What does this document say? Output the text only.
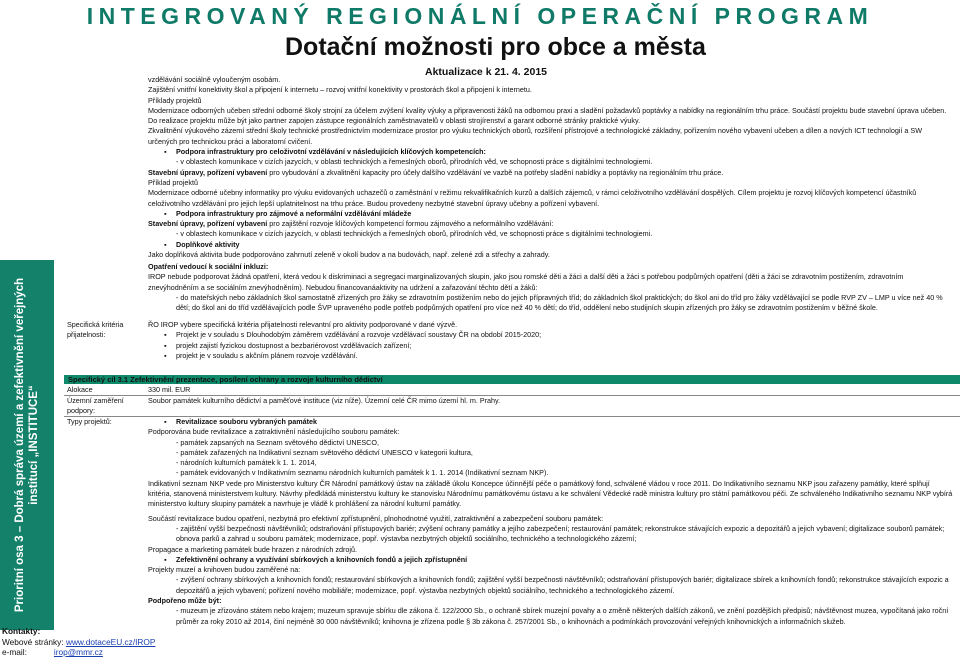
INTEGROVANÝ REGIONÁLNÍ OPERAČNÍ PROGRAM
Dotační možnosti pro obce a města
Aktualizace k 21. 4. 2015

vzdělávání sociálně vyloučeným osobám.

Zajištění vnitřní konektivity škol a připojení k internetu – rozvoj vnitřní konektivity v prostorách škol a připojení k internetu.

Příklady projektů

Modernizace odborných učeben střední odborné školy strojní za účelem zvýšení kvality výuky a připravenosti žáků na odbornou praxi a sladění požadavků poptávky a nabídky na regionálním trhu práce. Součástí projektu bude stavební úprava učeben. Do realizace projektu může být jako partner zapojen zástupce regionálních zaměstnavatelů v oblasti strojírenství a garant odborné stránky praktické výuky.

Zkvalitnění výukového zázemí střední školy technické prostřednictvím modernizace prostor pro výuku technických oborů, rozšíření přístrojové a technologické základny, pořízením nového vybavení učeben a dílen a nových ICT technologií a SW určených pro technickou práci a laboratorní cvičení.

▪ Podpora infrastruktury pro celoživotní vzdělávání v následujících klíčových kompetencích:

- v oblastech komunikace v cizích jazycích, v oblasti technických a řemeslných oborů, přírodních věd, ve schopnosti práce s digitálními technologiemi.

Stavební úpravy, pořízení vybavení pro vybudování a zkvalitnění kapacity pro účely dalšího vzdělávání ve vazbě na potřeby sladění nabídky a poptávky na regionálním trhu práce.

Příklad projektů

Modernizace odborné učebny informatiky pro výuku evidovaných uchazečů o zaměstnání v režimu rekvalifikačních kurzů a dalších zájemců, v rámci celoživotního vzdělávání dospělých. Cílem projektu je rozvoj klíčových kompetencí účastníků celoživotního vzdělávání pro jejich lepší uplatnitelnost na trhu práce. Budou provedeny nezbytné stavební úpravy učebny a pořízení vybavení.

▪ Podpora infrastruktury pro zájmové a neformální vzdělávání mládeže

Stavební úpravy, pořízení vybavení pro zajištění rozvoje klíčových kompetencí formou zájmového a neformálního vzdělávání:

- v oblastech komunikace v cizích jazycích, v oblasti technických a řemeslných oborů, přírodních věd, ve schopnosti práce s digitálními technologiemi.

▪ Doplňkové aktivity

Jako doplňková aktivita bude podporováno zahrnutí zeleně v okolí budov a na budovách, např. zelené zdi a střechy a zahrady.

Opatření vedoucí k sociální inkluzi:

IROP nebude podporovat žádná opatření, která vedou k diskriminaci a segregaci marginalizovaných skupin, jako jsou romské děti a žáci a další děti a žáci s potřebou podpůrných opatření (děti a žáci se zdravotním postižením, zdravotním znevýhodněním a se sociálním znevýhodněním). Nebudou financovanáaktivity na udržení a zařazování těchto dětí a žáků:

- do mateřských nebo základních škol samostatně zřízených pro žáky se zdravotním postižením nebo do jejich přípravných tříd; do základních škol praktických; do škol ani do tříd pro žáky vzdělávající se podle RVP ZV – LMP u více než 40 % dětí; do škol ani do tříd vzdělávajících podle ŠVP upraveného podle potřeb podpůrných opatření pro více než 40 % dětí; do tříd, oddělení nebo studijních skupin zřízených pro žáky se zdravotním postižením v běžné škole.

Prioritní osa 3 – Dobrá správa území a zefektivnění veřejných institucí „INSTITUCE“
Specifická kritéria přijatelnosti:

ŘO IROP vybere specifická kritéria přijatelnosti relevantní pro aktivity podporované v dané výzvě.

▪ Projekt je v souladu s Dlouhodobým záměrem vzdělávání a rozvoje vzdělávací soustavy ČR na období 2015-2020;

▪ projekt zajistí fyzickou dostupnost a bezbariérovost vzdělávacích zařízení;

▪ projekt je v souladu s akčním plánem rozvoje vzdělávání.

Specifický cíl 3.1 Zefektivnění prezentace, posílení ochrany a rozvoje kulturního dědictví
Alokace	330 mil. EUR
Územní zaměření podpory:
Soubor památek kulturního dědictví a paměťové instituce (viz níže). Územní celé ČR mimo území hl. m. Prahy.
Typy projektů:

▪	Revitalizace souboru vybraných památek

Podporována bude revitalizace a zatraktivnění následujícího souboru památek:

- památek zapsaných na Seznam světového dědictví UNESCO,

- památek zařazených na Indikativní seznam světového dědictví UNESCO v kategorii kultura,

- národních kulturních památek k 1. 1. 2014,

- památek evidovaných v Indikativním seznamu národních kulturních památek k 1. 1. 2014 (Indikativní seznam NKP).

Indikativní seznam NKP vede pro Ministerstvo kultury ČR Národní památkový ústav na základě úkolu Koncepce účinnější péče o památkový fond, schválené vládou v roce 2011. Do Indikativního seznamu NKP jsou zařazeny památky, které splňují kritéria, stanovená ministerstvem kultury. Návrhy předkládá ministerstvu kultury ke stanovisku Národnímu památkovému ústavu a ke schválení Vědecké radě ministra kultury pro státní památkovou péči. Ze schváleného Indikativního seznamu NKP vybírá ministerstvo kultury skupiny památek a navrhuje je vládě k prohlášení za národní kulturní památky.

Součástí revitalizace budou opatření, nezbytná pro efektivní zpřístupnění, plnohodnotné využití, zatraktivnění a zabezpečení souboru památek:

- zajištění vyšší bezpečnosti návštěvníků; odstraňování přístupových bariér; zvýšení ochrany památky a jejího zabezpečení; restaurování památek; rekonstrukce stávajících expozic a depozitářů a jejich vybavení; digitalizace souborů památek; obnova parků a zahrad u souboru památek; modernizace, popř. výstavba nezbytných objektů sociálního, technického a technologického zázemí;

Propagace a marketing památek bude hrazen z národních zdrojů.

▪ Zefektivnění ochrany a využívání sbírkových a knihovních fondů a jejich zpřístupnění

Projekty muzeí a knihoven budou zaměřené na:

- zvýšení ochrany sbírkových a knihovních fondů; restaurování sbírkových a knihovních fondů; zajištění vyšší bezpečnosti návštěvníků; odstraňování přístupových bariér; digitalizace sbírek a knihovních fondů; rekonstrukce stávajících expozic a depozitářů a jejich vybavení; pořízení nového mobiliáře; modernizace, popř. výstavba nezbytných objektů sociálního, technického a technologického zázemí.

Podpořeno může být:

- muzeum je zřizováno státem nebo krajem; muzeum spravuje sbírku dle zákona č. 122/2000 Sb., o ochraně sbírek muzejní povahy a o změně některých dalších zákonů, ve znění pozdějších předpisů; návštěvnost muzea, vypočítaná jako roční průměr za roky 2010 až 2014, činí nejméně 30 000 návštěvníků; knihovna je zřízena podle § 3b zákona č. 257/2001 Sb., o knihovnách a podmínkách provozování veřejných knihovnických a informačních služeb.

Kontakty:
Webové stránky: www.dotaceEU.cz/IROP
e-mail:	irop@mmr.cz
